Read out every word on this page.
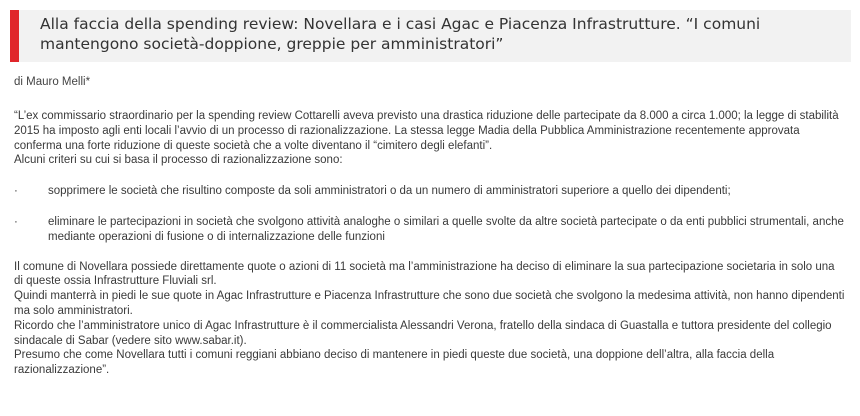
Alla faccia della spending review: Novellara e i casi Agac e Piacenza Infrastrutture. “I comuni mantengono società-doppione, greppie per amministratori”
di Mauro Melli*

“L’ex commissario straordinario per la spending review Cottarelli aveva previsto una drastica riduzione delle partecipate da 8.000 a circa 1.000; la legge di stabilità 2015 ha imposto agli enti locali l’avvio di un processo di razionalizzazione. La stessa legge Madia della Pubblica Amministrazione recentemente approvata conferma una forte riduzione di queste società che a volte diventano il “cimitero degli elefanti”.

Alcuni criteri su cui si basa il processo di razionalizzazione sono:

·	sopprimere le società che risultino composte da soli amministratori o da un numero di amministratori superiore a quello dei dipendenti;
·	eliminare le partecipazioni in società che svolgono attività analoghe o similari a quelle svolte da altre società partecipate o da enti pubblici strumentali, anche mediante operazioni di fusione o di internalizzazione delle funzioni

Il comune di Novellara possiede direttamente quote o azioni di 11 società ma l’amministrazione ha deciso di eliminare la sua partecipazione societaria in solo una di queste ossia Infrastrutture Fluviali srl.

Quindi manterrà in piedi le sue quote in Agac Infrastrutture e Piacenza Infrastrutture che sono due società che svolgono la medesima attività, non hanno dipendenti ma solo amministratori.

Ricordo che l’amministratore unico di Agac Infrastrutture è il commercialista Alessandri Verona, fratello della sindaca di Guastalla e tuttora presidente del collegio sindacale di Sabar (vedere sito www.sabar.it).

Presumo che come Novellara tutti i comuni reggiani abbiano deciso di mantenere in piedi queste due società, una doppione dell’altra, alla faccia della razionalizzazione”.
